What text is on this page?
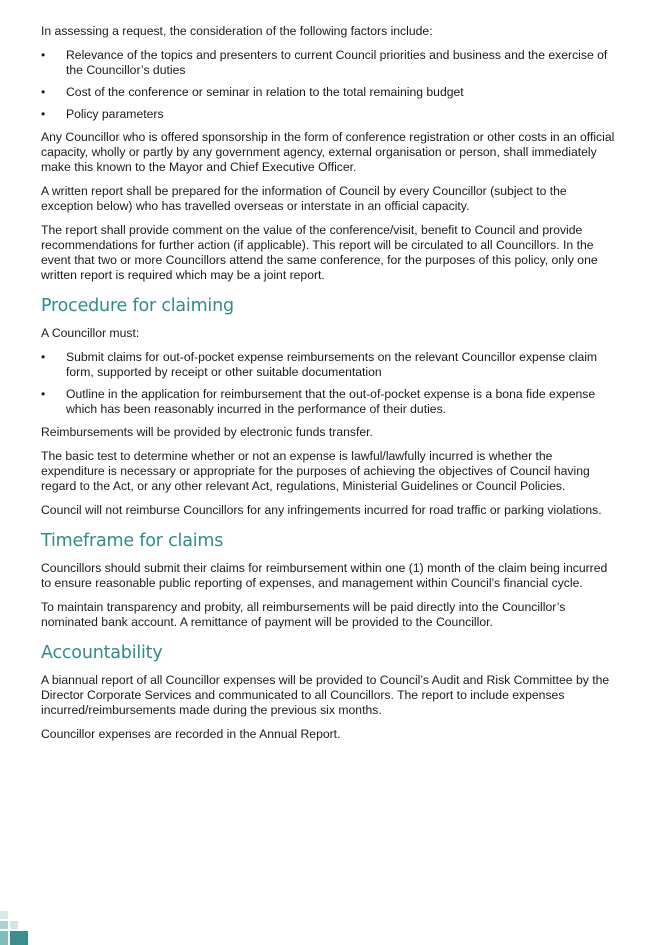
In assessing a request, the consideration of the following factors include:

• Relevance of the topics and presenters to current Council priorities and business and the exercise of the Councillor’s duties
• Cost of the conference or seminar in relation to the total remaining budget
• Policy parameters

Any Councillor who is offered sponsorship in the form of conference registration or other costs in an official capacity, wholly or partly by any government agency, external organisation or person, shall immediately make this known to the Mayor and Chief Executive Officer.

A written report shall be prepared for the information of Council by every Councillor (subject to the exception below) who has travelled overseas or interstate in an official capacity.

The report shall provide comment on the value of the conference/visit, benefit to Council and provide recommendations for further action (if applicable). This report will be circulated to all Councillors. In the event that two or more Councillors attend the same conference, for the purposes of this policy, only one written report is required which may be a joint report.

Procedure for claiming

A Councillor must:

• Submit claims for out-of-pocket expense reimbursements on the relevant Councillor expense claim form, supported by receipt or other suitable documentation
• Outline in the application for reimbursement that the out-of-pocket expense is a bona fide expense which has been reasonably incurred in the performance of their duties.

Reimbursements will be provided by electronic funds transfer.

The basic test to determine whether or not an expense is lawful/lawfully incurred is whether the expenditure is necessary or appropriate for the purposes of achieving the objectives of Council having regard to the Act, or any other relevant Act, regulations, Ministerial Guidelines or Council Policies.

Council will not reimburse Councillors for any infringements incurred for road traffic or parking violations.

Timeframe for claims

Councillors should submit their claims for reimbursement within one (1) month of the claim being incurred to ensure reasonable public reporting of expenses, and management within Council’s financial cycle.

To maintain transparency and probity, all reimbursements will be paid directly into the Councillor’s nominated bank account. A remittance of payment will be provided to the Councillor.

Accountability

A biannual report of all Councillor expenses will be provided to Council’s Audit and Risk Committee by the Director Corporate Services and communicated to all Councillors. The report to include expenses incurred/reimbursements made during the previous six months.

Councillor expenses are recorded in the Annual Report.
